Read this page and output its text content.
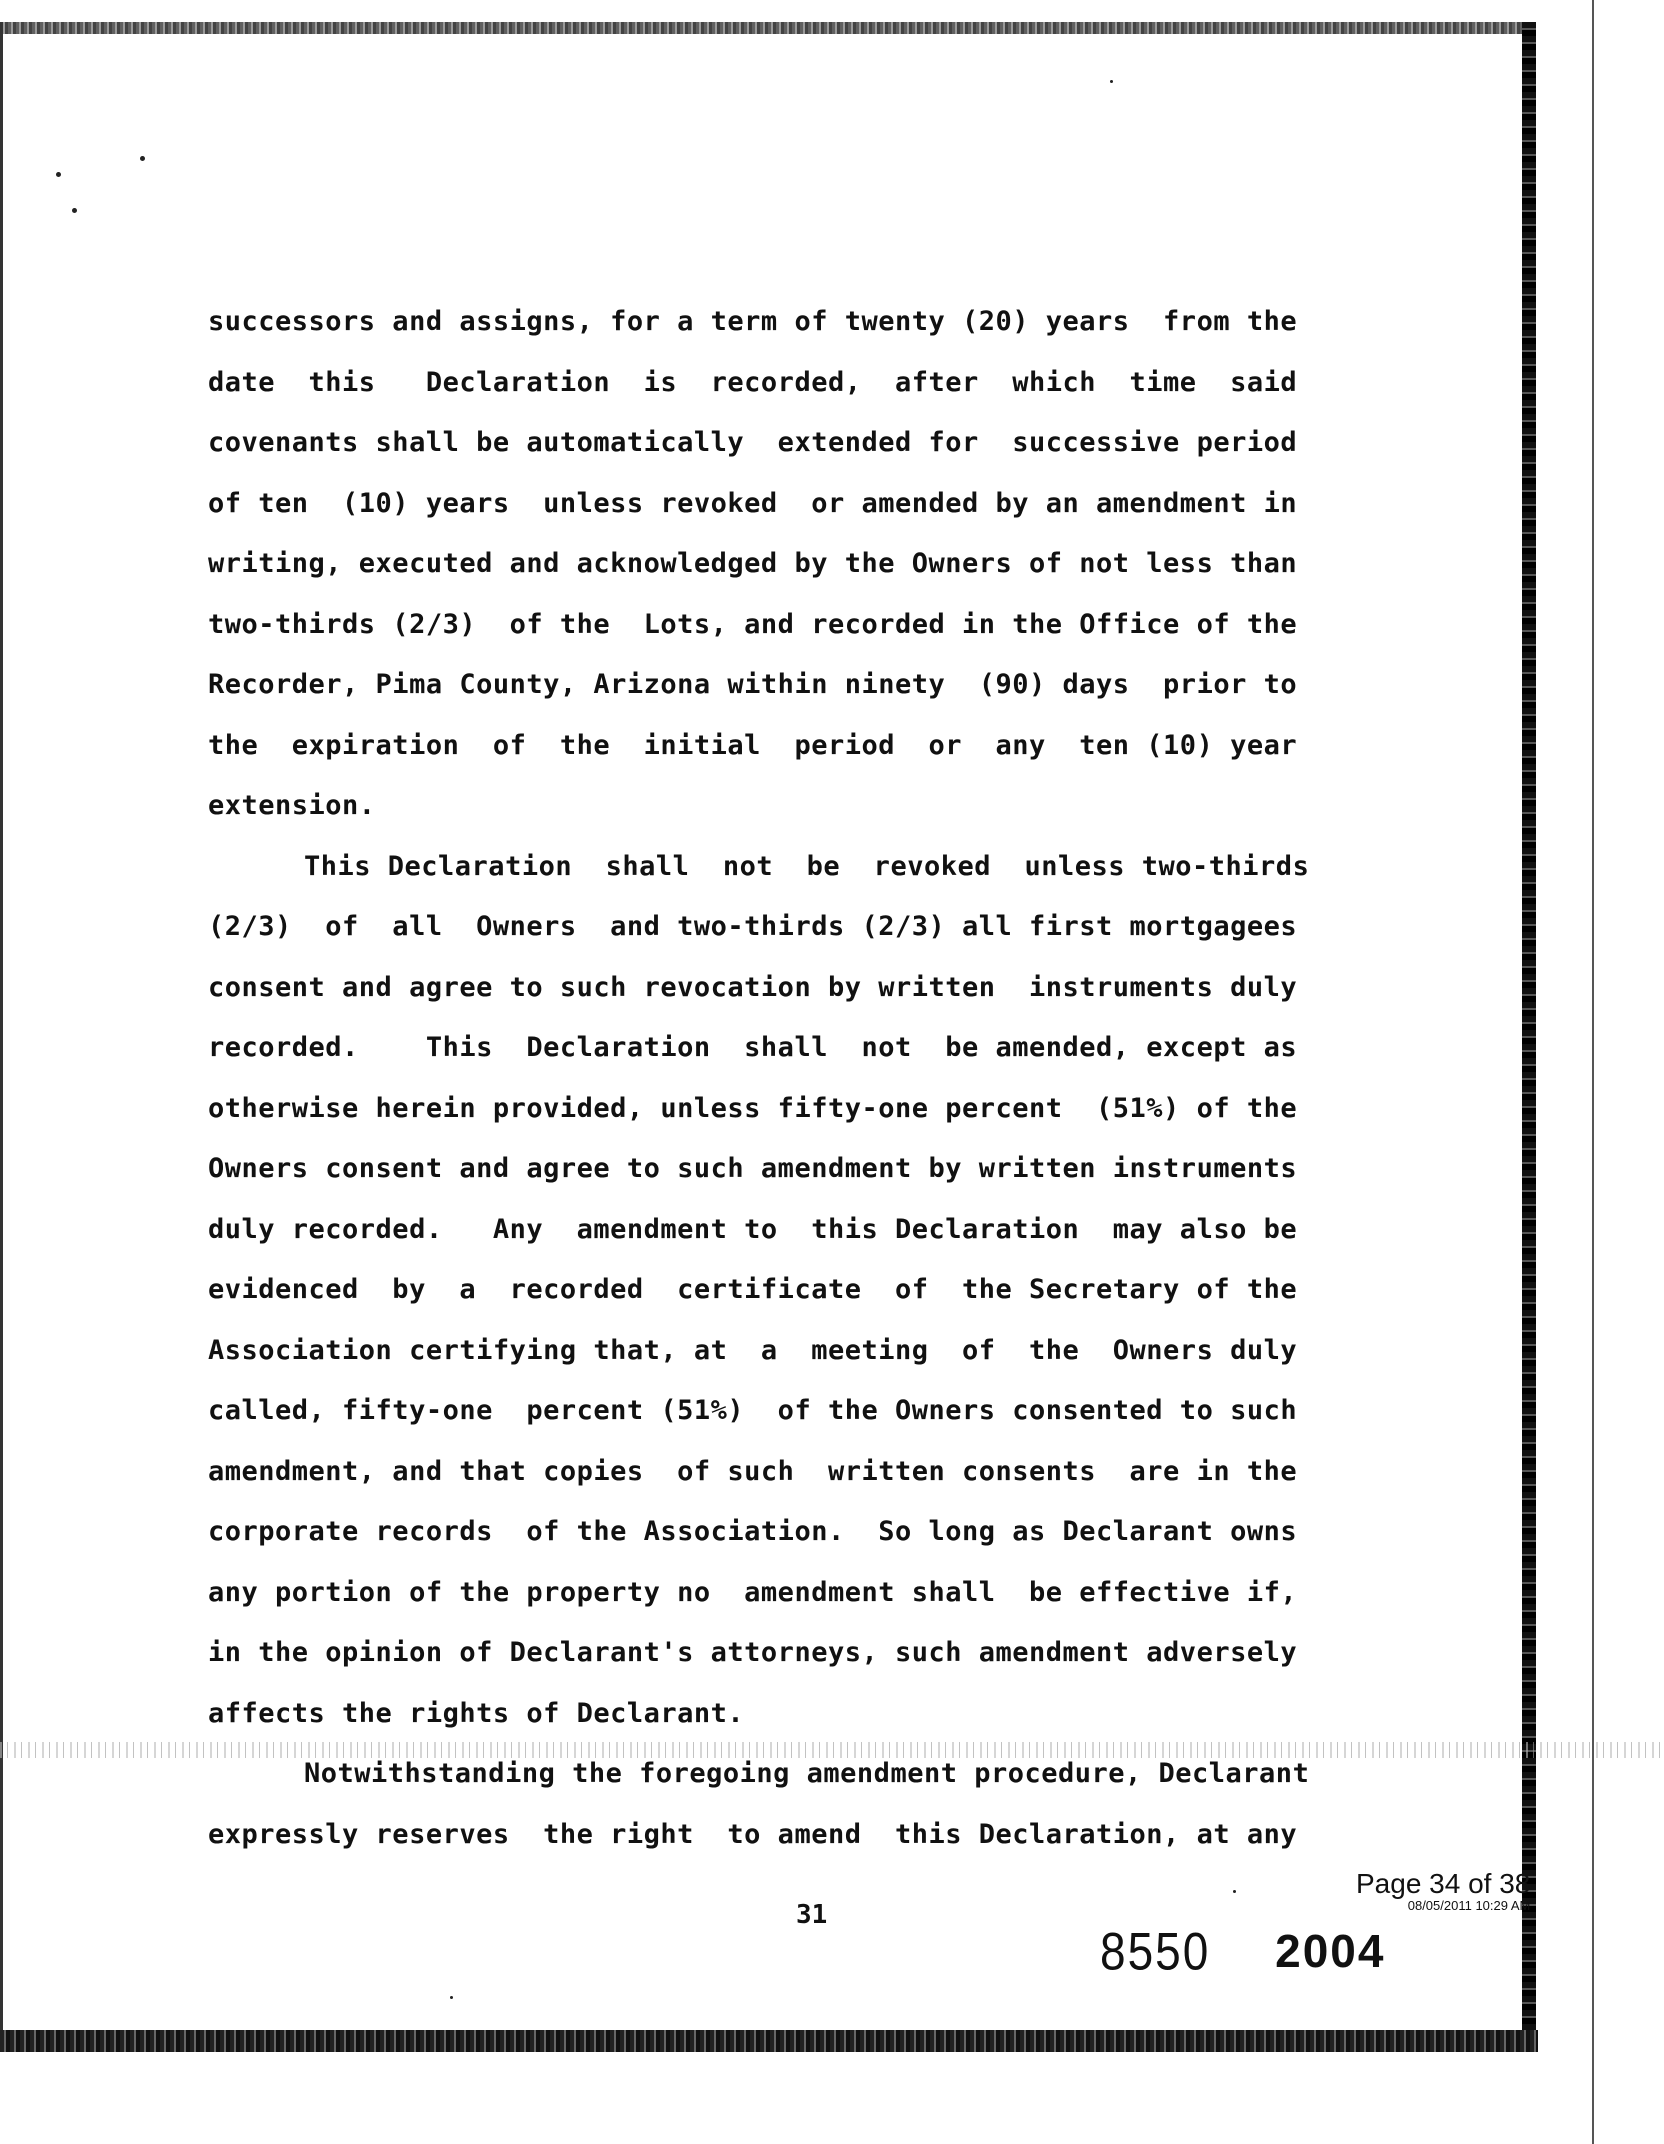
successors and assigns, for a term of twenty (20) years  from the
date  this   Declaration  is  recorded,  after  which  time  said
covenants shall be automatically  extended for  successive period
of ten  (10) years  unless revoked  or amended by an amendment in
writing, executed and acknowledged by the Owners of not less than
two-thirds (2/3)  of the  Lots, and recorded in the Office of the
Recorder, Pima County, Arizona within ninety  (90) days  prior to
the  expiration  of  the  initial  period  or  any  ten (10) year
extension.
This Declaration  shall  not  be  revoked  unless two-thirds
(2/3)  of  all  Owners  and two-thirds (2/3) all first mortgagees
consent and agree to such revocation by written  instruments duly
recorded.    This  Declaration  shall  not  be amended, except as
otherwise herein provided, unless fifty-one percent  (51%) of the
Owners consent and agree to such amendment by written instruments
duly recorded.   Any  amendment to  this Declaration  may also be
evidenced  by  a  recorded  certificate  of  the Secretary of the
Association certifying that, at  a  meeting  of  the  Owners duly
called, fifty-one  percent (51%)  of the Owners consented to such
amendment, and that copies  of such  written consents  are in the
corporate records  of the Association.  So long as Declarant owns
any portion of the property no  amendment shall  be effective if,
in the opinion of Declarant's attorneys, such amendment adversely
affects the rights of Declarant.
Notwithstanding the foregoing amendment procedure, Declarant
expressly reserves  the right  to amend  this Declaration, at any
31
Page 34 of 38
08/05/2011 10:29 AM
8550 2004
